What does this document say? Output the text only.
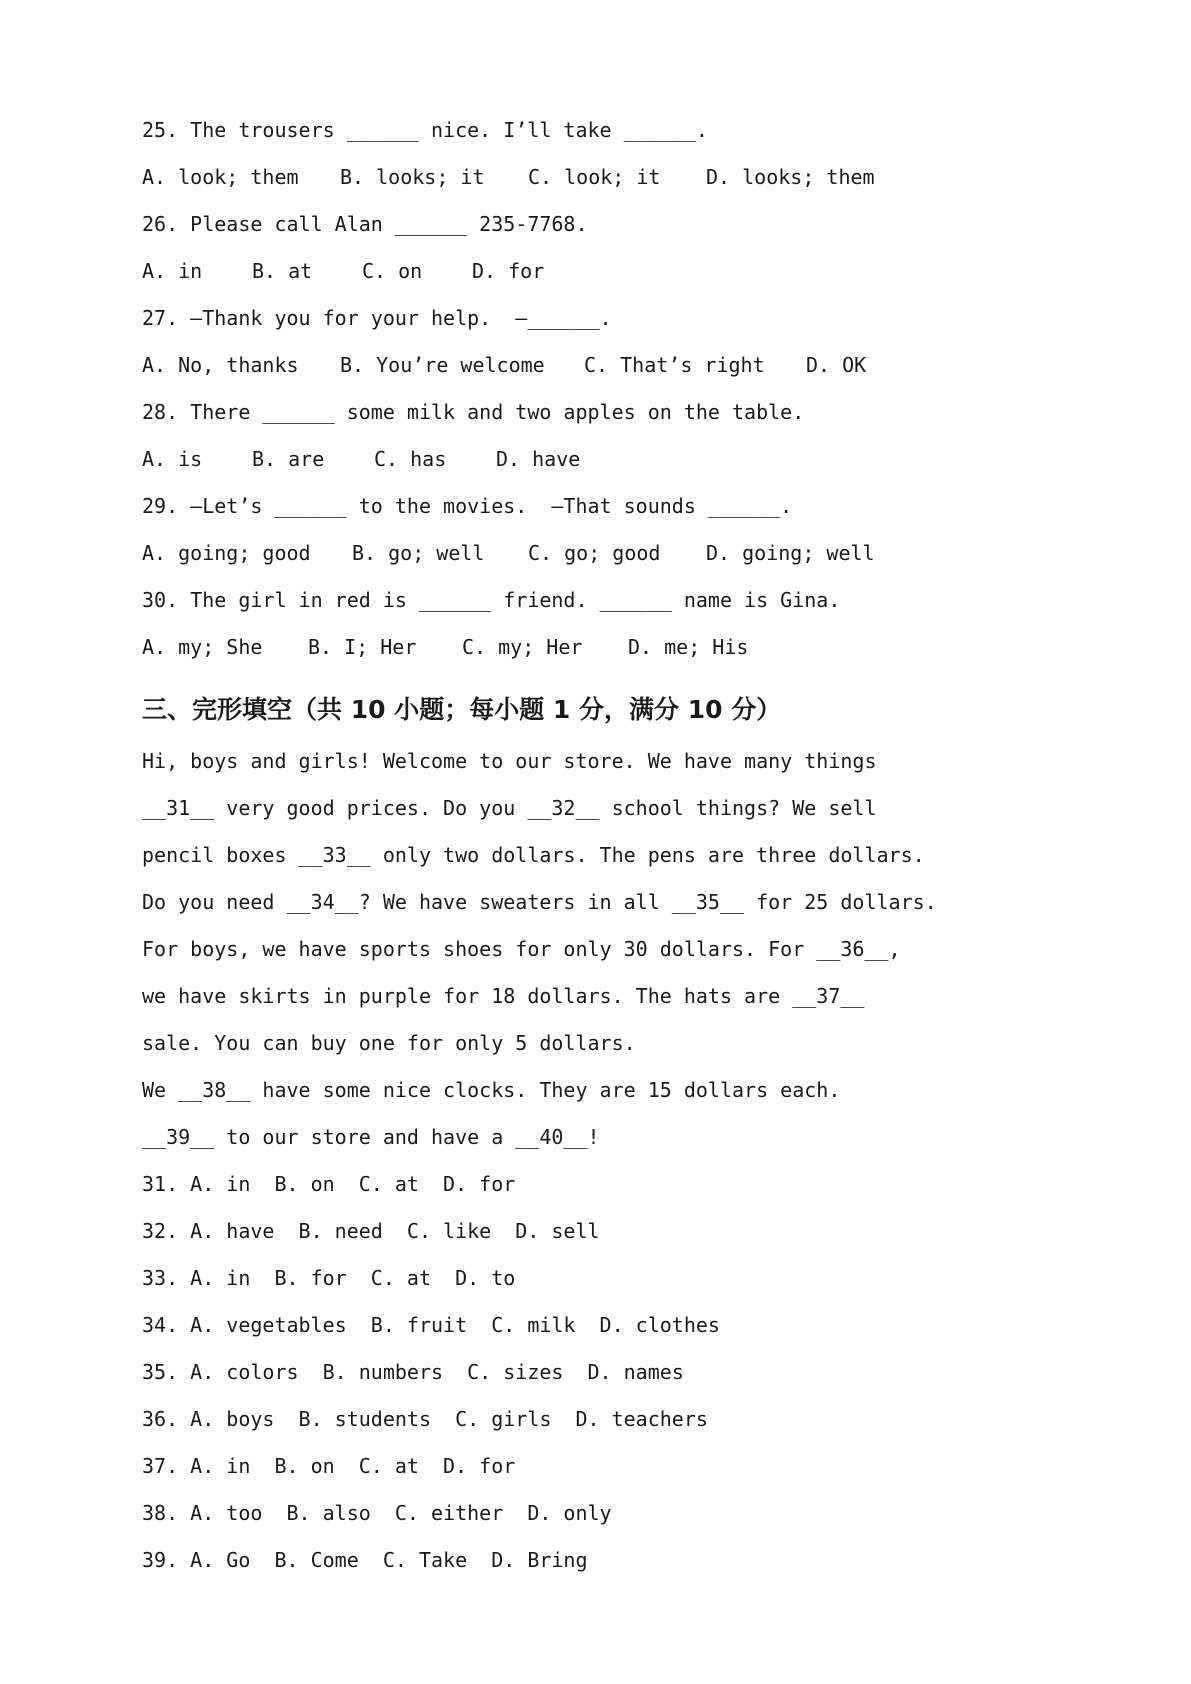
25. The trousers ______ nice. I’ll take ______.

A. look; them

B. looks; it

C. look; it

D. looks; them

26. Please call Alan ______ 235-7768.

A. in

B. at

C. on

D. for

27. —Thank you for your help.  —______.

A. No, thanks

B. You’re welcome

C. That’s right

D. OK

28. There ______ some milk and two apples on the table.

A. is

B. are

C. has

D. have

29. —Let’s ______ to the movies.  —That sounds ______.

A. going; good

B. go; well

C. go; good

D. going; well

30. The girl in red is ______ friend. ______ name is Gina.

A. my; She

B. I; Her

C. my; Her

D. me; His

三、完形填空（共 10 小题；每小题 1 分，满分 10 分）
Hi, boys and girls! Welcome to our store. We have many things
__31__ very good prices. Do you __32__ school things? We sell
pencil boxes __33__ only two dollars. The pens are three dollars.
Do you need __34__? We have sweaters in all __35__ for 25 dollars.
For boys, we have sports shoes for only 30 dollars. For __36__,
we have skirts in purple for 18 dollars. The hats are __37__
sale. You can buy one for only 5 dollars.
We __38__ have some nice clocks. They are 15 dollars each.
__39__ to our store and have a __40__!
31. A. in  B. on  C. at  D. for
32. A. have  B. need  C. like  D. sell
33. A. in  B. for  C. at  D. to
34. A. vegetables  B. fruit  C. milk  D. clothes
35. A. colors  B. numbers  C. sizes  D. names
36. A. boys  B. students  C. girls  D. teachers
37. A. in  B. on  C. at  D. for
38. A. too  B. also  C. either  D. only
39. A. Go  B. Come  C. Take  D. Bring
